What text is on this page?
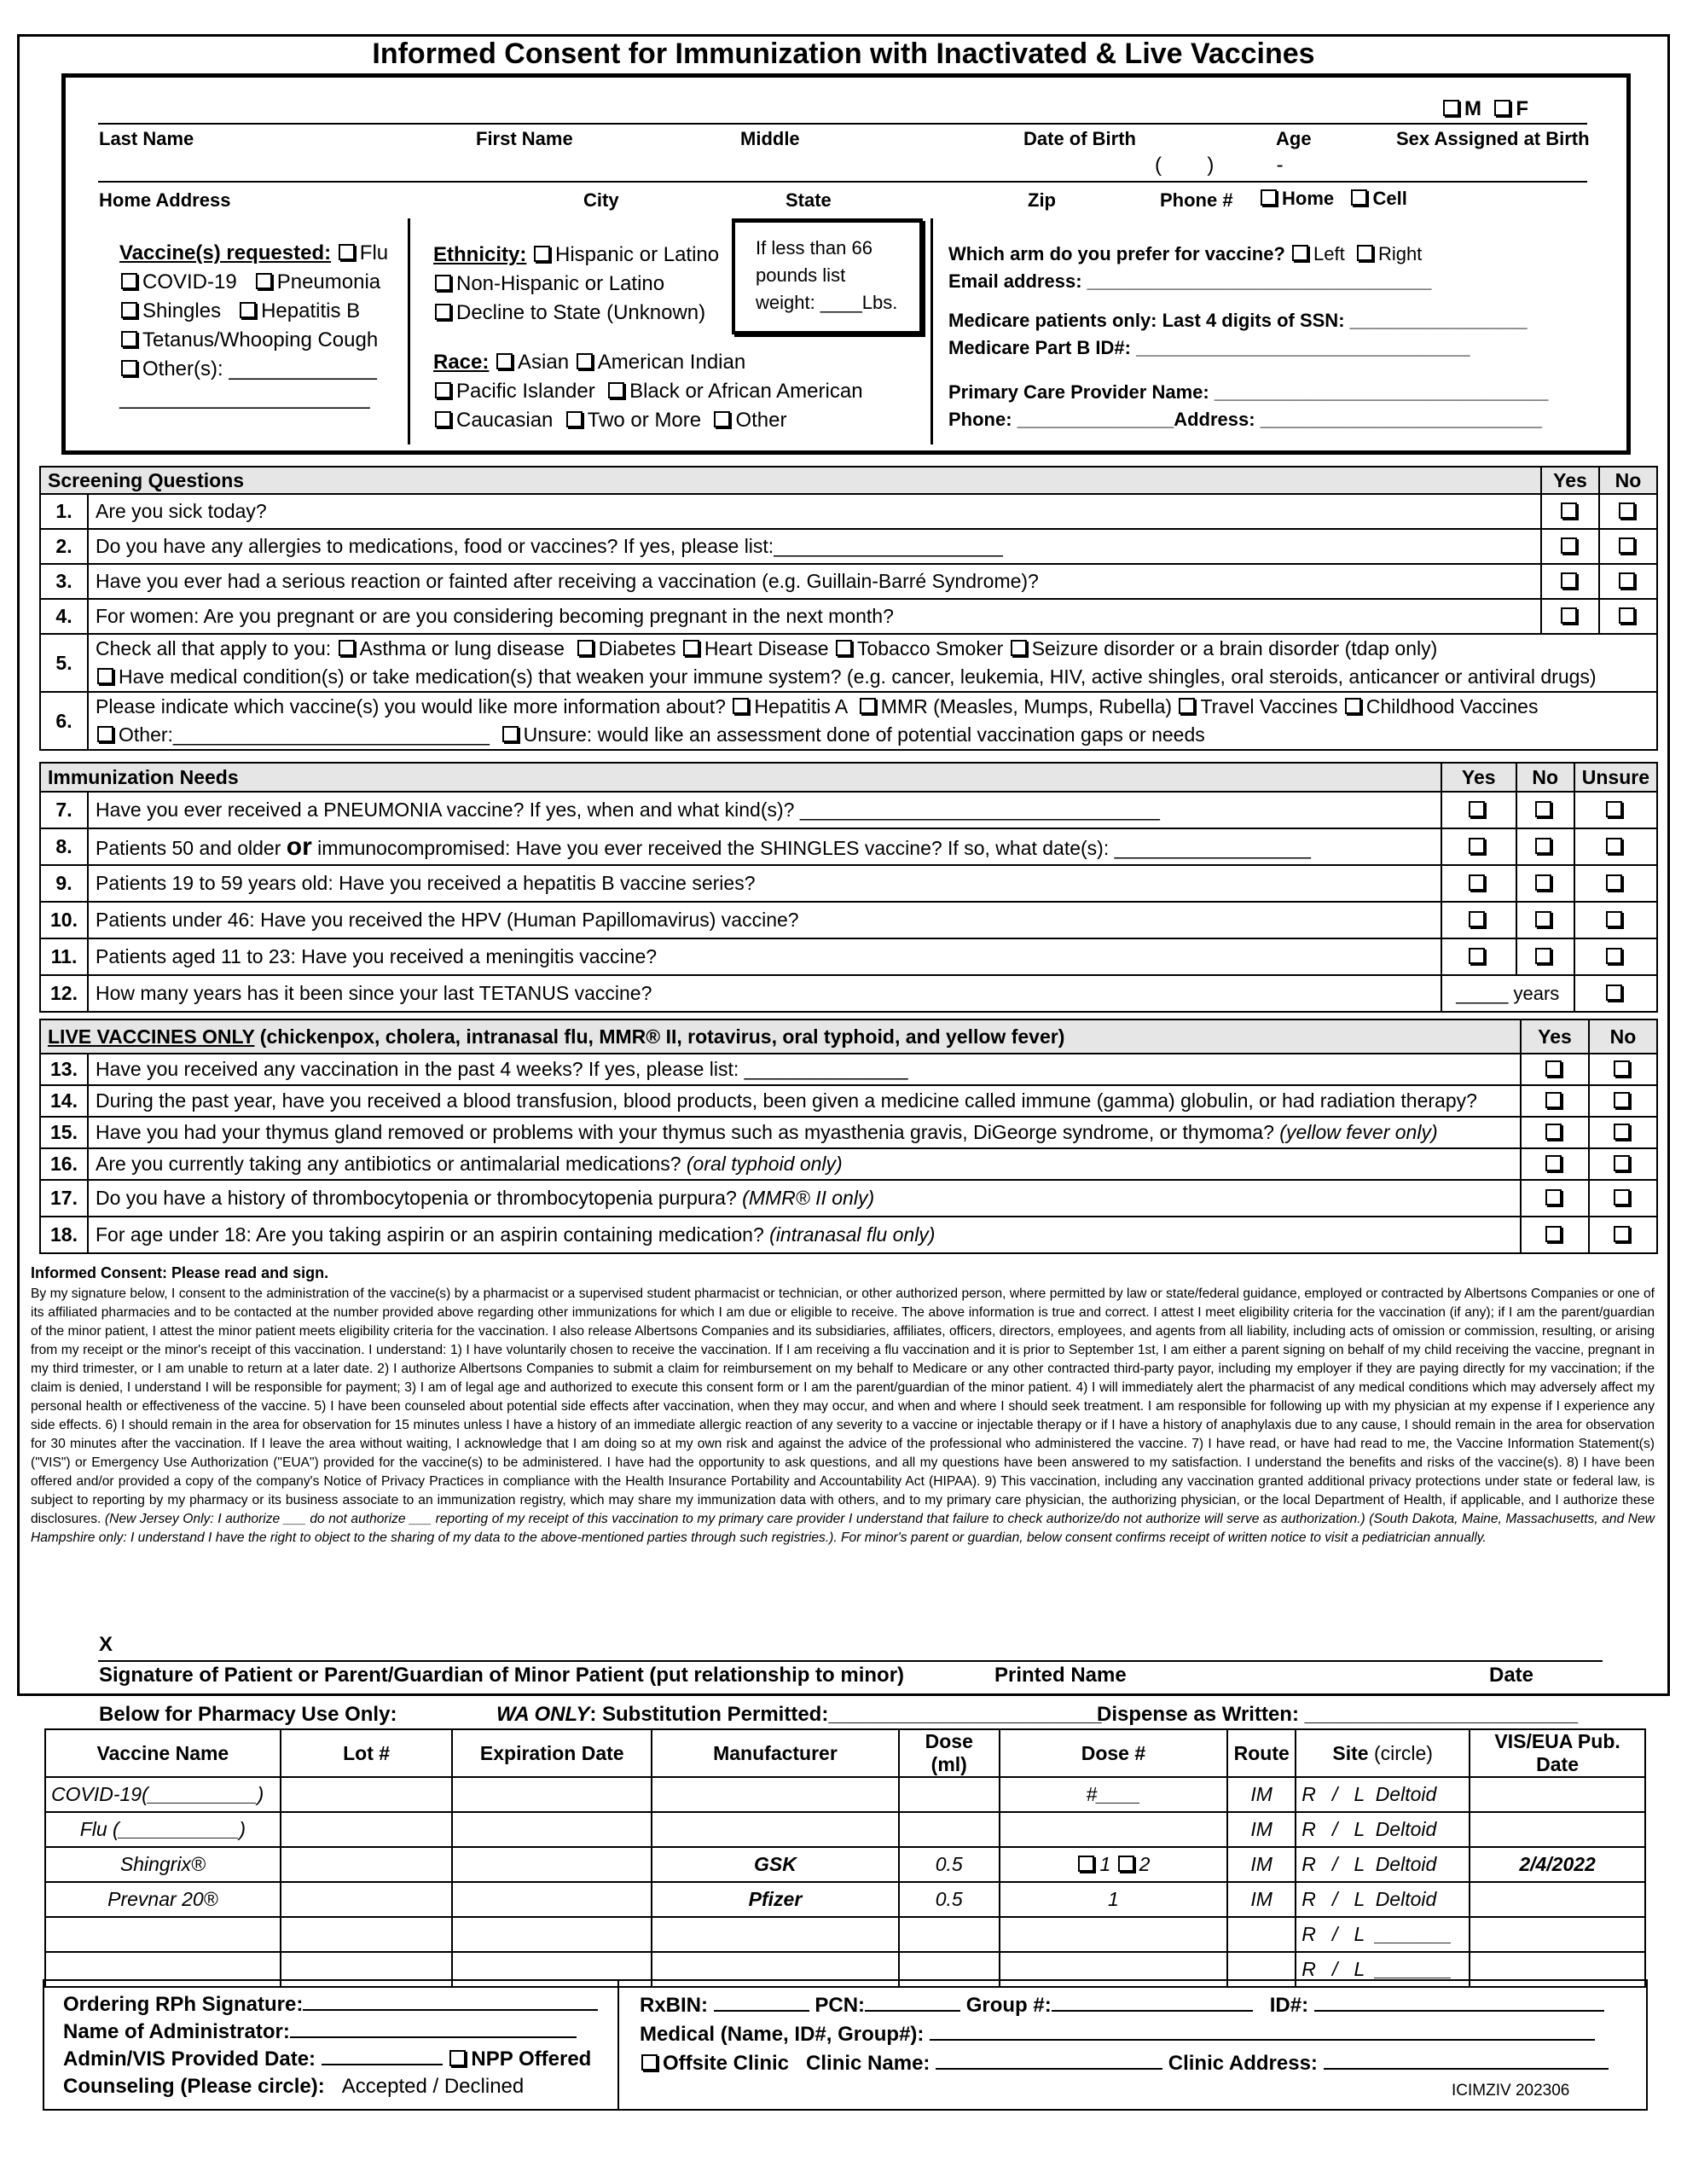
Informed Consent for Immunization with Inactivated & Live Vaccines
M F
Last Name	First Name	Middle	Date of Birth	Age	Sex Assigned at Birth
(        )           -
Home Address	City	State	Zip	Phone #	Home Cell
Vaccine(s) requested: Flu
COVID-19 Pneumonia
Shingles Hepatitis B
Tetanus/Whooping Cough
Other(s): _____________
______________________
Ethnicity: Hispanic or Latino
Non-Hispanic or Latino
Decline to State (Unknown)
Race: Asian American Indian
Pacific Islander Black or African American
Caucasian Two or More Other
If less than 66
pounds list
weight: ____Lbs.
Which arm do you prefer for vaccine? Left Right
Email address: _________________________________
Medicare patients only: Last 4 digits of SSN: _________________
Medicare Part B ID#: ________________________________
Primary Care Provider Name: ________________________________
Phone: _______________Address: ___________________________
Screening Questions		Yes	No
1.	Are you sick today?		
2.	Do you have any allergies to medications, food or vaccines? If yes, please list:_____________________		
3.	Have you ever had a serious reaction or fainted after receiving a vaccination (e.g. Guillain-Barré Syndrome)?		
4.	For women: Are you pregnant or are you considering becoming pregnant in the next month?		
5.	Check all that apply to you: Asthma or lung disease Diabetes Heart Disease Tobacco Smoker Seizure disorder or a brain disorder (tdap only)
Have medical condition(s) or take medication(s) that weaken your immune system? (e.g. cancer, leukemia, HIV, active shingles, oral steroids, anticancer or antiviral drugs)		
6.	Please indicate which vaccine(s) you would like more information about? Hepatitis A MMR (Measles, Mumps, Rubella) Travel Vaccines Childhood Vaccines
Other:_____________________________ Unsure: would like an assessment done of potential vaccination gaps or needs		
Immunization Needs		Yes	No	Unsure
7.	Have you ever received a PNEUMONIA vaccine? If yes, when and what kind(s)? _________________________________			
8.	Patients 50 and older or immunocompromised: Have you ever received the SHINGLES vaccine? If so, what date(s): __________________			
9.	Patients 19 to 59 years old: Have you received a hepatitis B vaccine series?			
10.	Patients under 46: Have you received the HPV (Human Papillomavirus) vaccine?			
11.	Patients aged 11 to 23: Have you received a meningitis vaccine?			
12.	How many years has it been since your last TETANUS vaccine?	_____ years		
LIVE VACCINES ONLY (chickenpox, cholera, intranasal flu, MMR® II, rotavirus, oral typhoid, and yellow fever)		Yes	No
13.	Have you received any vaccination in the past 4 weeks? If yes, please list: _______________		
14.	During the past year, have you received a blood transfusion, blood products, been given a medicine called immune (gamma) globulin, or had radiation therapy?		
15.	Have you had your thymus gland removed or problems with your thymus such as myasthenia gravis, DiGeorge syndrome, or thymoma? (yellow fever only)		
16.	Are you currently taking any antibiotics or antimalarial medications? (oral typhoid only)		
17.	Do you have a history of thrombocytopenia or thrombocytopenia purpura? (MMR® II only)		
18.	For age under 18: Are you taking aspirin or an aspirin containing medication? (intranasal flu only)		
Informed Consent: Please read and sign.
By my signature below, I consent to the administration of the vaccine(s) by a pharmacist or a supervised student pharmacist or technician, or other authorized person, where permitted by law or state/federal guidance, employed or contracted by Albertsons Companies or one of its affiliated pharmacies and to be contacted at the number provided above regarding other immunizations for which I am due or eligible to receive. The above information is true and correct. I attest I meet eligibility criteria for the vaccination (if any); if I am the parent/guardian of the minor patient, I attest the minor patient meets eligibility criteria for the vaccination. I also release Albertsons Companies and its subsidiaries, affiliates, officers, directors, employees, and agents from all liability, including acts of omission or commission, resulting, or arising from my receipt or the minor's receipt of this vaccination. I understand: 1) I have voluntarily chosen to receive the vaccination. If I am receiving a flu vaccination and it is prior to September 1st, I am either a parent signing on behalf of my child receiving the vaccine, pregnant in my third trimester, or I am unable to return at a later date. 2) I authorize Albertsons Companies to submit a claim for reimbursement on my behalf to Medicare or any other contracted third-party payor, including my employer if they are paying directly for my vaccination; if the claim is denied, I understand I will be responsible for payment; 3) I am of legal age and authorized to execute this consent form or I am the parent/guardian of the minor patient. 4) I will immediately alert the pharmacist of any medical conditions which may adversely affect my personal health or effectiveness of the vaccine. 5) I have been counseled about potential side effects after vaccination, when they may occur, and when and where I should seek treatment. I am responsible for following up with my physician at my expense if I experience any side effects. 6) I should remain in the area for observation for 15 minutes unless I have a history of an immediate allergic reaction of any severity to a vaccine or injectable therapy or if I have a history of anaphylaxis due to any cause, I should remain in the area for observation for 30 minutes after the vaccination. If I leave the area without waiting, I acknowledge that I am doing so at my own risk and against the advice of the professional who administered the vaccine. 7) I have read, or have had read to me, the Vaccine Information Statement(s) ("VIS") or Emergency Use Authorization ("EUA") provided for the vaccine(s) to be administered. I have had the opportunity to ask questions, and all my questions have been answered to my satisfaction. I understand the benefits and risks of the vaccine(s). 8) I have been offered and/or provided a copy of the company's Notice of Privacy Practices in compliance with the Health Insurance Portability and Accountability Act (HIPAA). 9) This vaccination, including any vaccination granted additional privacy protections under state or federal law, is subject to reporting by my pharmacy or its business associate to an immunization registry, which may share my immunization data with others, and to my primary care physician, the authorizing physician, or the local Department of Health, if applicable, and I authorize these disclosures. (New Jersey Only: I authorize ___ do not authorize ___ reporting of my receipt of this vaccination to my primary care provider I understand that failure to check authorize/do not authorize will serve as authorization.) (South Dakota, Maine, Massachusetts, and New Hampshire only: I understand I have the right to object to the sharing of my data to the above-mentioned parties through such registries.). For minor's parent or guardian, below consent confirms receipt of written notice to visit a pediatrician annually.
X
Signature of Patient or Parent/Guardian of Minor Patient (put relationship to minor)	Printed Name	Date
Below for Pharmacy Use Only:	WA ONLY: Substitution Permitted:________________________
Dispense as Written: ________________________
Vaccine Name	Lot #	Expiration Date	Manufacturer	Dose (ml)	Dose #	Route	Site (circle)	VIS/EUA Pub. Date
COVID-19(__________)					#____	IM	R   /   L  Deltoid	
Flu (___________)						IM	R   /   L  Deltoid	
Shingrix®			GSK	0.5	1 2	IM	R   /   L  Deltoid	2/4/2022
Prevnar 20®			Pfizer	0.5	1	IM	R   /   L  Deltoid	
							R   /   L  _______	
							R   /   L  _______	
Ordering RPh Signature:
Name of Administrator:
Admin/VIS Provided Date:	NPP Offered
Counseling (Please circle): Accepted / Declined
RxBIN:	PCN:	Group #:	ID#:
Medical (Name, ID#, Group#):
Offsite Clinic Clinic Name:	Clinic Address:
ICIMZIV 202306
